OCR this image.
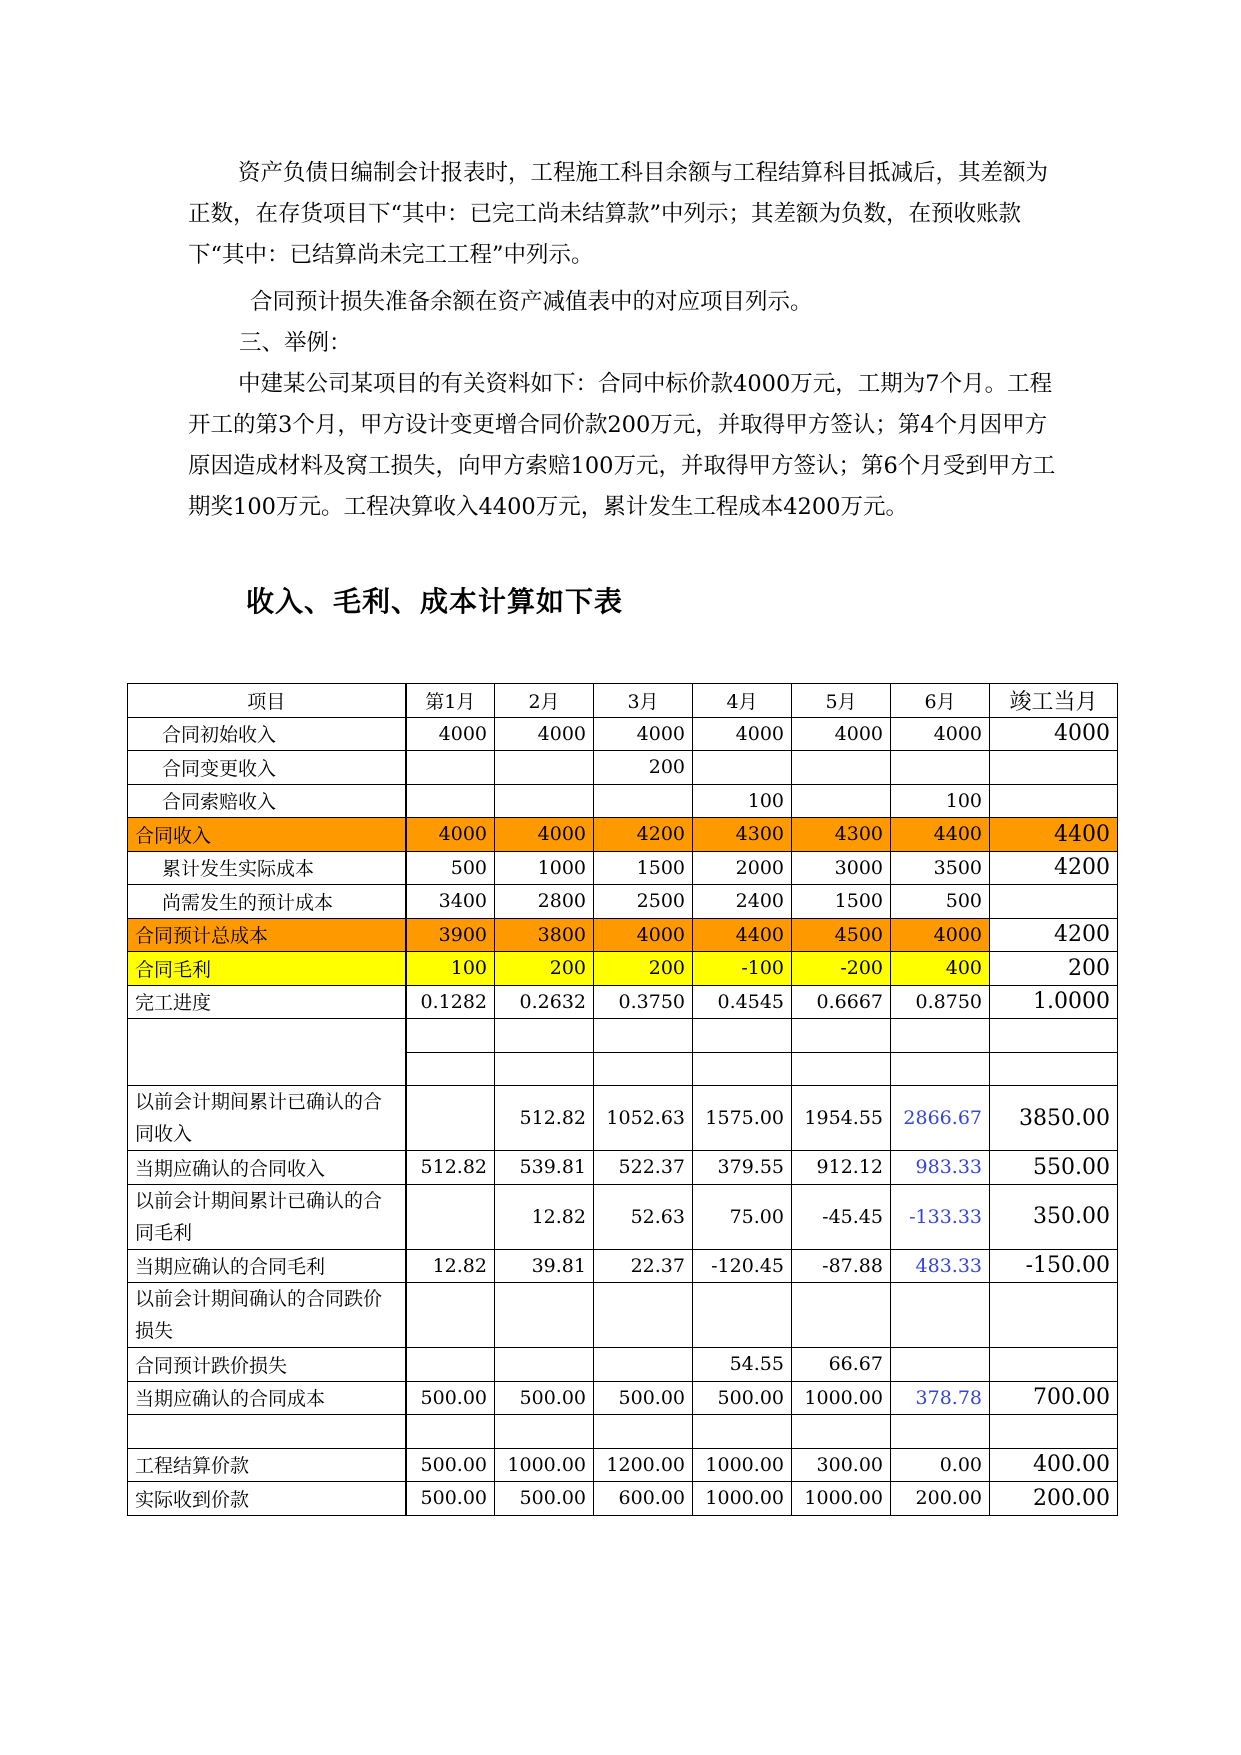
资产负债日编制会计报表时，工程施工科目余额与工程结算科目抵减后，其差额为正数，在存货项目下“其中：已完工尚未结算款”中列示；其差额为负数，在预收账款下“其中：已结算尚未完工工程”中列示。

合同预计损失准备余额在资产减值表中的对应项目列示。

三、举例：

中建某公司某项目的有关资料如下：合同中标价款4000万元，工期为7个月。工程开工的第3个月，甲方设计变更增合同价款200万元，并取得甲方签认；第4个月因甲方原因造成材料及窝工损失，向甲方索赔100万元，并取得甲方签认；第6个月受到甲方工期奖100万元。工程决算收入4400万元，累计发生工程成本4200万元。

收入、毛利、成本计算如下表
项目	第1月	2月	3月	4月	5月	6月	竣工当月
合同初始收入	4000	4000	4000	4000	4000	4000	4000
合同变更收入			200				
合同索赔收入				100		100	
合同收入	4000	4000	4200	4300	4300	4400	4400
累计发生实际成本	500	1000	1500	2000	3000	3500	4200
尚需发生的预计成本	3400	2800	2500	2400	1500	500	
合同预计总成本	3900	3800	4000	4400	4500	4000	4200
合同毛利	100	200	200	-100	-200	400	200
完工进度	0.1282	0.2632	0.3750	0.4545	0.6667	0.8750	1.0000

以前会计期间累计已确认的合同收入		512.82	1052.63	1575.00	1954.55	2866.67	3850.00
当期应确认的合同收入	512.82	539.81	522.37	379.55	912.12	983.33	550.00
以前会计期间累计已确认的合同毛利		12.82	52.63	75.00	-45.45	-133.33	350.00
当期应确认的合同毛利	12.82	39.81	22.37	-120.45	-87.88	483.33	-150.00
以前会计期间确认的合同跌价损失							
合同预计跌价损失				54.55	66.67		
当期应确认的合同成本	500.00	500.00	500.00	500.00	1000.00	378.78	700.00

工程结算价款	500.00	1000.00	1200.00	1000.00	300.00	0.00	400.00
实际收到价款	500.00	500.00	600.00	1000.00	1000.00	200.00	200.00
